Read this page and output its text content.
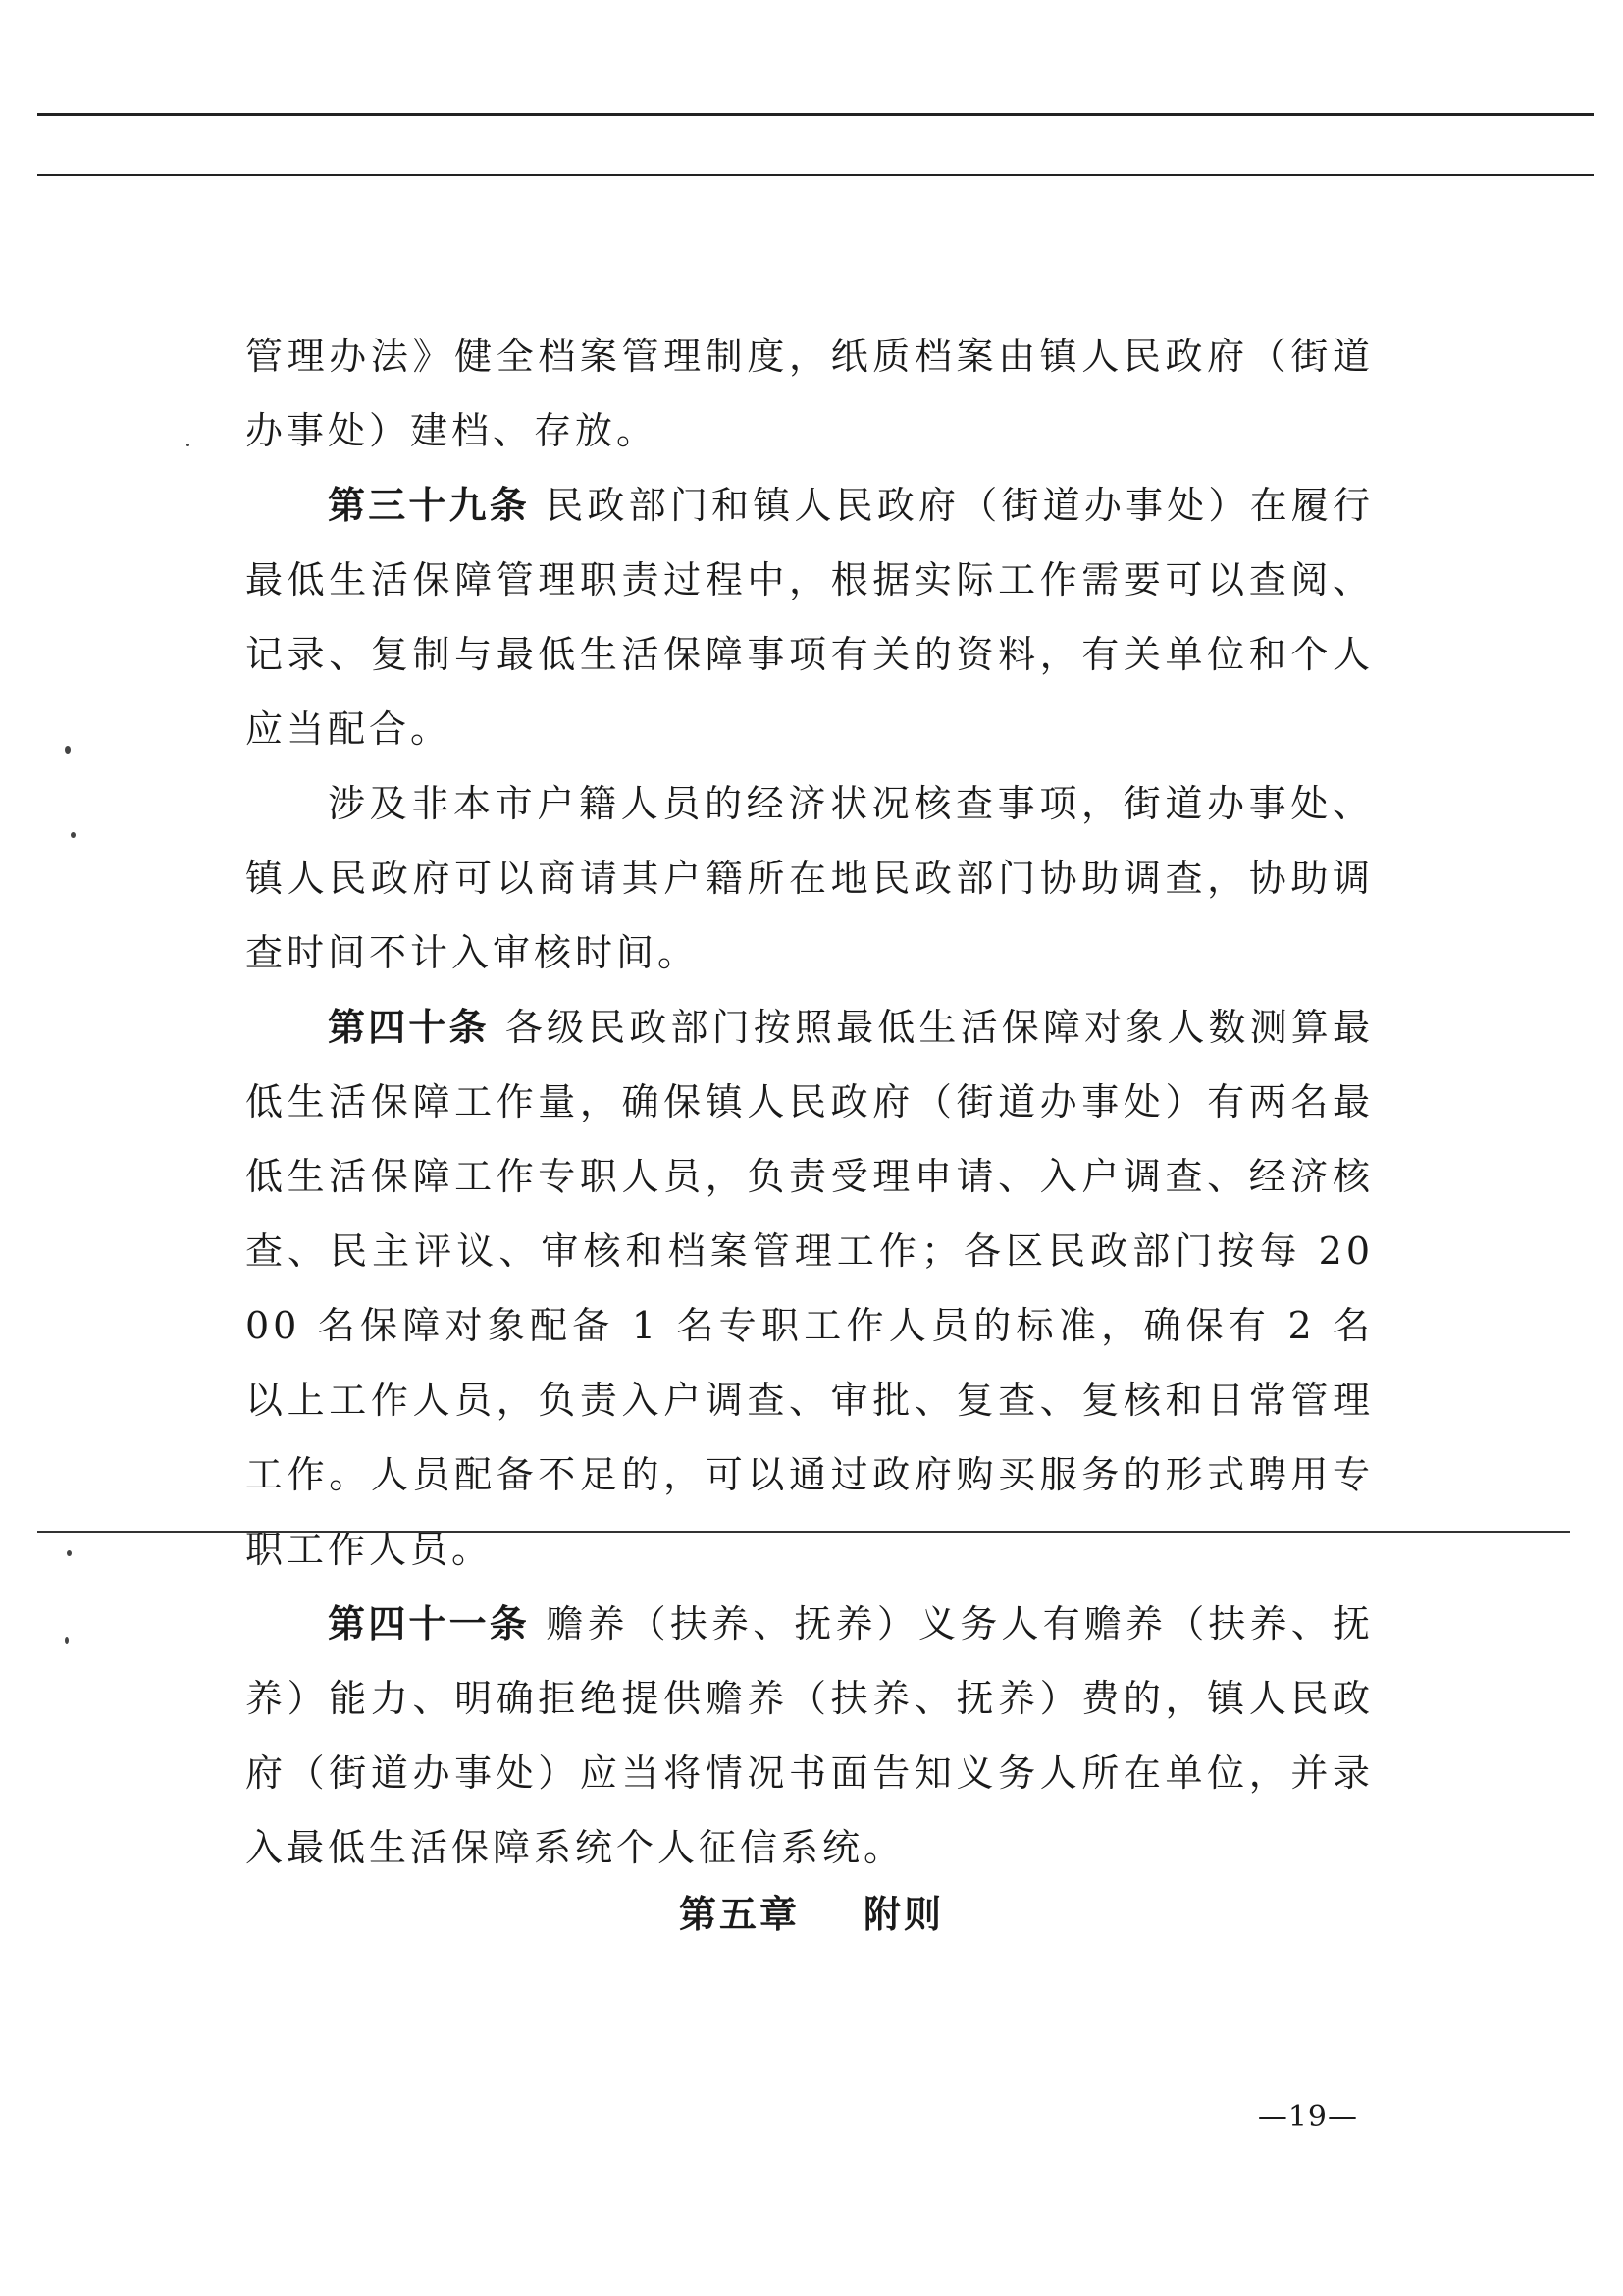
管理办法》健全档案管理制度，纸质档案由镇人民政府（街道办事处）建档、存放。

第三十九条 民政部门和镇人民政府（街道办事处）在履行最低生活保障管理职责过程中，根据实际工作需要可以查阅、记录、复制与最低生活保障事项有关的资料，有关单位和个人应当配合。

涉及非本市户籍人员的经济状况核查事项，街道办事处、镇人民政府可以商请其户籍所在地民政部门协助调查，协助调查时间不计入审核时间。

第四十条 各级民政部门按照最低生活保障对象人数测算最低生活保障工作量，确保镇人民政府（街道办事处）有两名最低生活保障工作专职人员，负责受理申请、入户调查、经济核查、民主评议、审核和档案管理工作；各区民政部门按每 2000 名保障对象配备 1 名专职工作人员的标准，确保有 2 名以上工作人员，负责入户调查、审批、复查、复核和日常管理工作。人员配备不足的，可以通过政府购买服务的形式聘用专职工作人员。

第四十一条 赡养（扶养、抚养）义务人有赡养（扶养、抚养）能力、明确拒绝提供赡养（扶养、抚养）费的，镇人民政府（街道办事处）应当将情况书面告知义务人所在单位，并录入最低生活保障系统个人征信系统。

第五章    附则
—19—
